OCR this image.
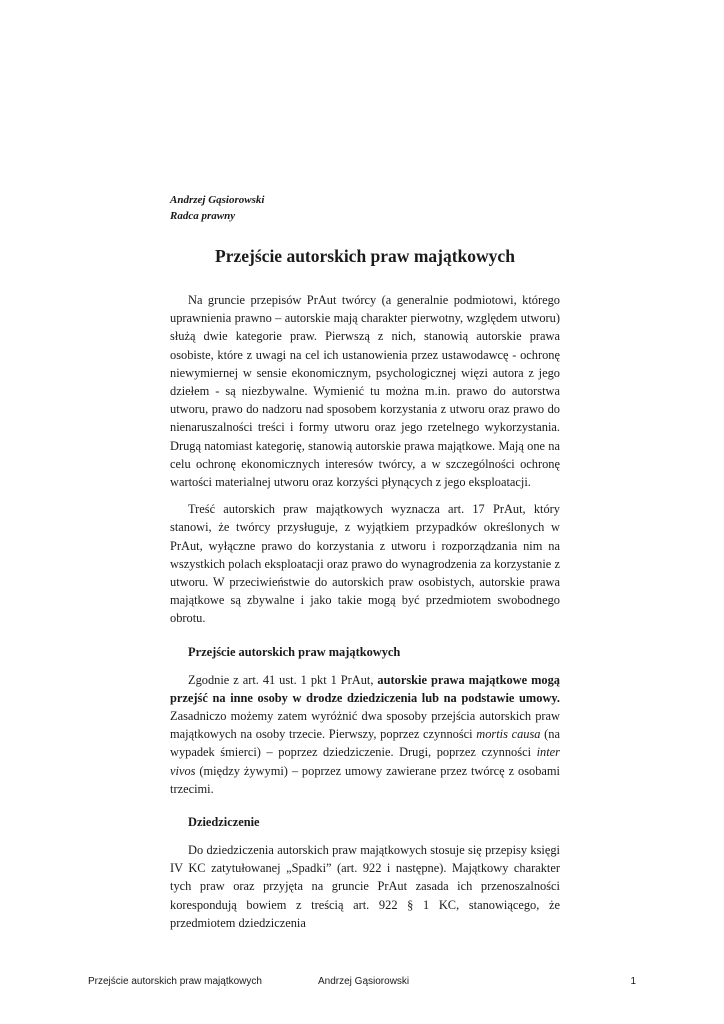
Andrzej Gąsiorowski

Radca prawny

Przejście autorskich praw majątkowych

Na gruncie przepisów PrAut twórcy (a generalnie podmiotowi, którego uprawnienia prawno – autorskie mają charakter pierwotny, względem utworu) służą dwie kategorie praw. Pierwszą z nich, stanowią autorskie prawa osobiste, które z uwagi na cel ich ustanowienia przez ustawodawcę - ochronę niewymiernej w sensie ekonomicznym, psychologicznej więzi autora z jego dziełem - są niezbywalne. Wymienić tu można m.in. prawo do autorstwa utworu, prawo do nadzoru nad sposobem korzystania z utworu oraz prawo do nienaruszalności treści i formy utworu oraz jego rzetelnego wykorzystania. Drugą natomiast kategorię, stanowią autorskie prawa majątkowe. Mają one na celu ochronę ekonomicznych interesów twórcy, a w szczególności ochronę wartości materialnej utworu oraz korzyści płynących z jego eksploatacji.

Treść autorskich praw majątkowych wyznacza art. 17 PrAut, który stanowi, że twórcy przysługuje, z wyjątkiem przypadków określonych w PrAut, wyłączne prawo do korzystania z utworu i rozporządzania nim na wszystkich polach eksploatacji oraz prawo do wynagrodzenia za korzystanie z utworu. W przeciwieństwie do autorskich praw osobistych, autorskie prawa majątkowe są zbywalne i jako takie mogą być przedmiotem swobodnego obrotu.

Przejście autorskich praw majątkowych

Zgodnie z art. 41 ust. 1 pkt 1 PrAut, autorskie prawa majątkowe mogą przejść na inne osoby w drodze dziedziczenia lub na podstawie umowy. Zasadniczo możemy zatem wyróżnić dwa sposoby przejścia autorskich praw majątkowych na osoby trzecie. Pierwszy, poprzez czynności mortis causa (na wypadek śmierci) – poprzez dziedziczenie. Drugi, poprzez czynności inter vivos (między żywymi) – poprzez umowy zawierane przez twórcę z osobami trzecimi.

Dziedziczenie

Do dziedziczenia autorskich praw majątkowych stosuje się przepisy księgi IV KC zatytułowanej „Spadki” (art. 922 i następne). Majątkowy charakter tych praw oraz przyjęta na gruncie PrAut zasada ich przenoszalności korespondują bowiem z treścią art. 922 § 1 KC, stanowiącego, że przedmiotem dziedziczenia

Przejście autorskich praw majątkowych	Andrzej Gąsiorowski	1
